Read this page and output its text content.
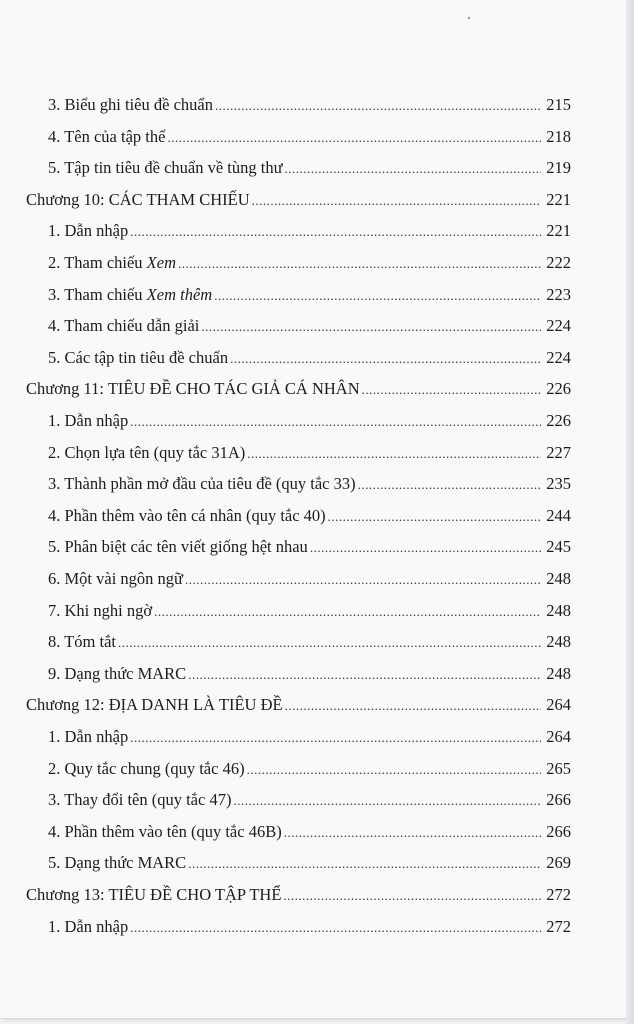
3. Biểu ghi tiêu đề chuẩn .....	215
4. Tên của tập thể .....	218
5. Tập tin tiêu đề chuẩn về tùng thư .....	219
Chương 10: CÁC THAM CHIẾU .....	221
1. Dẫn nhập .....	221
2. Tham chiếu Xem .....	222
3. Tham chiếu Xem thêm .....	223
4. Tham chiếu dẫn giải .....	224
5. Các tập tin tiêu đề chuẩn .....	224
Chương 11: TIÊU ĐỀ CHO TÁC GIẢ CÁ NHÂN .....	226
1. Dẫn nhập .....	226
2. Chọn lựa tên (quy tắc 31A) .....	227
3. Thành phần mở đầu của tiêu đề (quy tắc 33) .....	235
4. Phần thêm vào tên cá nhân (quy tắc 40) .....	244
5. Phân biệt các tên viết giống hệt nhau .....	245
6. Một vài ngôn ngữ .....	248
7. Khi nghi ngờ .....	248
8. Tóm tắt .....	248
9. Dạng thức MARC .....	248
Chương 12: ĐỊA DANH LÀ TIÊU ĐỀ .....	264
1. Dẫn nhập .....	264
2. Quy tắc chung (quy tắc 46) .....	265
3. Thay đổi tên (quy tắc 47) .....	266
4. Phần thêm vào tên (quy tắc 46B) .....	266
5. Dạng thức MARC .....	269
Chương 13: TIÊU ĐỀ CHO TẬP THỂ .....	272
1. Dẫn nhập .....	272
